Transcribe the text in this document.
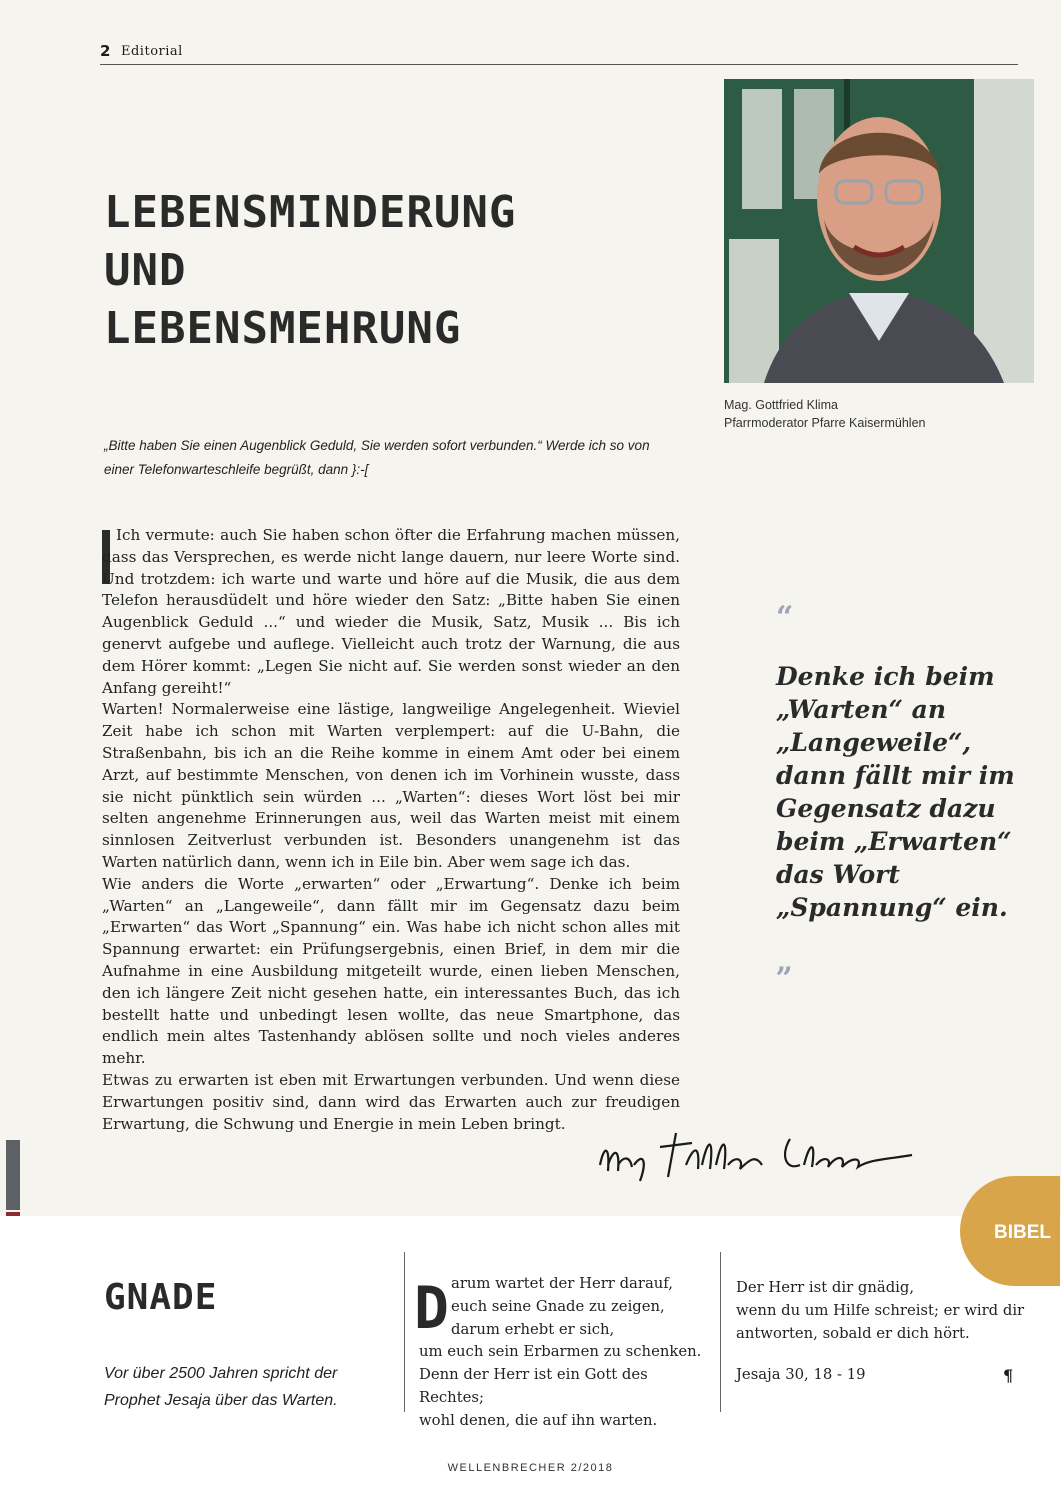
2 Editorial
LEBENSMINDERUNG
UND
LEBENSMEHRUNG
Mag. Gottfried Klima
Pfarrmoderator Pfarre Kaisermühlen
„Bitte haben Sie einen Augenblick Geduld, Sie werden sofort verbunden.“ Werde ich so von einer Telefonwarteschleife begrüßt, dann }:-[

Ich vermute: auch Sie haben schon öfter die Erfahrung machen müssen, dass das Versprechen, es werde nicht lange dauern, nur leere Worte sind. Und trotzdem: ich warte und warte und höre auf die Musik, die aus dem Telefon herausdüdelt und höre wieder den Satz: „Bitte haben Sie einen Augenblick Geduld ...“ und wieder die Musik, Satz, Musik ... Bis ich genervt aufgebe und auflege. Vielleicht auch trotz der Warnung, die aus dem Hörer kommt: „Legen Sie nicht auf. Sie werden sonst wieder an den Anfang gereiht!“

Warten! Normalerweise eine lästige, langweilige Angelegenheit. Wieviel Zeit habe ich schon mit Warten verplempert: auf die U-Bahn, die Straßenbahn, bis ich an die Reihe komme in einem Amt oder bei einem Arzt, auf bestimmte Menschen, von denen ich im Vorhinein wusste, dass sie nicht pünktlich sein würden ... „Warten“: dieses Wort löst bei mir selten angenehme Erinnerungen aus, weil das Warten meist mit einem sinnlosen Zeitverlust verbunden ist. Besonders unangenehm ist das Warten natürlich dann, wenn ich in Eile bin. Aber wem sage ich das.

Wie anders die Worte „erwarten“ oder „Erwartung“. Denke ich beim „Warten“ an „Langeweile“, dann fällt mir im Gegensatz dazu beim „Erwarten“ das Wort „Spannung“ ein. Was habe ich nicht schon alles mit Spannung erwartet: ein Prüfungsergebnis, einen Brief, in dem mir die Aufnahme in eine Ausbildung mitgeteilt wurde, einen lieben Menschen, den ich längere Zeit nicht gesehen hatte, ein interessantes Buch, das ich bestellt hatte und unbedingt lesen wollte, das neue Smartphone, das endlich mein altes Tastenhandy ablösen sollte und noch vieles anderes mehr.

Etwas zu erwarten ist eben mit Erwartungen verbunden. Und wenn diese Erwartungen positiv sind, dann wird das Erwarten auch zur freudigen Erwartung, die Schwung und Energie in mein Leben bringt.

“
Denke ich beim „Warten“ an „Langeweile“, dann fällt mir im Gegensatz dazu beim „Erwarten“ das Wort „Spannung“ ein.
„
BIBEL
GNADE
Vor über 2500 Jahren spricht der Prophet Jesaja über das Warten.
D arum wartet der Herr darauf,
euch seine Gnade zu zeigen,
darum erhebt er sich,
um euch sein Erbarmen zu schenken.
Denn der Herr ist ein Gott des Rechtes;
wohl denen, die auf ihn warten.
Der Herr ist dir gnädig,
wenn du um Hilfe schreist; er wird dir
antworten, sobald er dich hört.
Jesaja 30, 18 - 19	¶
WELLENBRECHER 2/2018
